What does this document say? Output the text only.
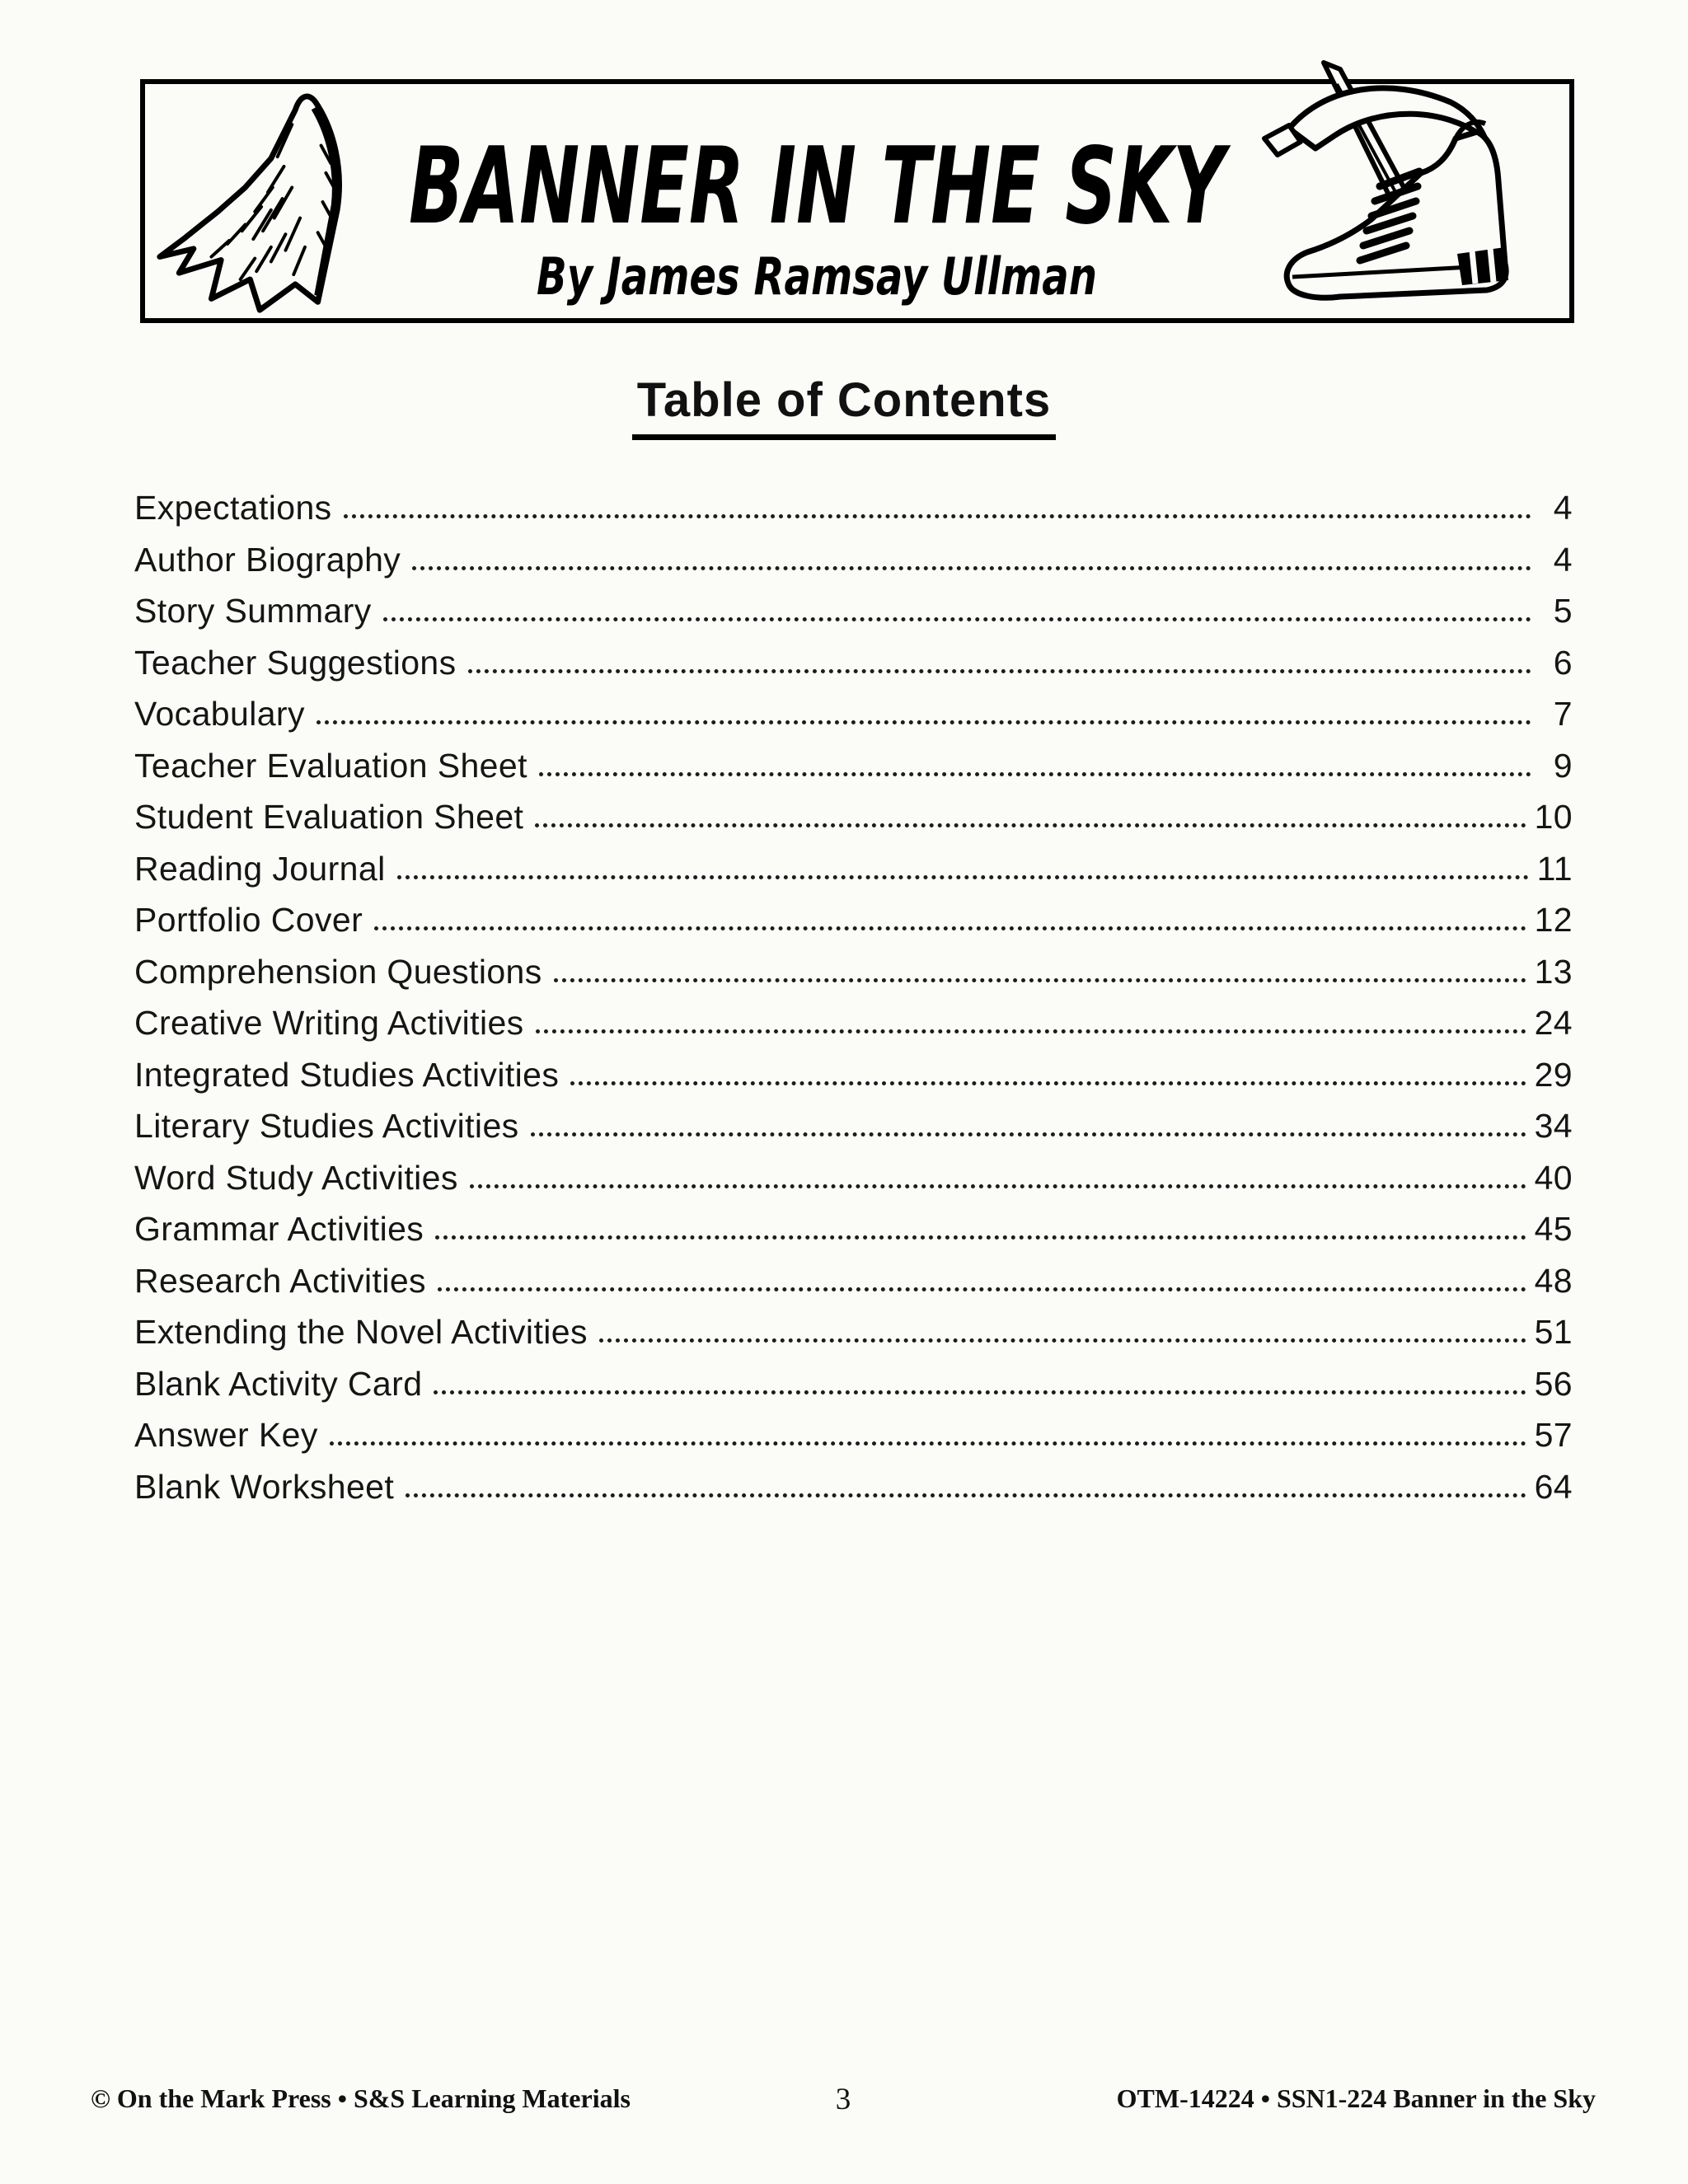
BANNER IN THE SKY
By James Ramsay Ullman
Table of Contents
Expectations	4
Author Biography	4
Story Summary	5
Teacher Suggestions	6
Vocabulary	7
Teacher Evaluation Sheet	9
Student Evaluation Sheet	10
Reading Journal	11
Portfolio Cover	12
Comprehension Questions	13
Creative Writing Activities	24
Integrated Studies Activities	29
Literary Studies Activities	34
Word Study Activities	40
Grammar Activities	45
Research Activities	48
Extending the Novel Activities	51
Blank Activity Card	56
Answer Key	57
Blank Worksheet	64
© On the Mark Press • S&S Learning Materials	3	OTM-14224 • SSN1-224 Banner in the Sky
